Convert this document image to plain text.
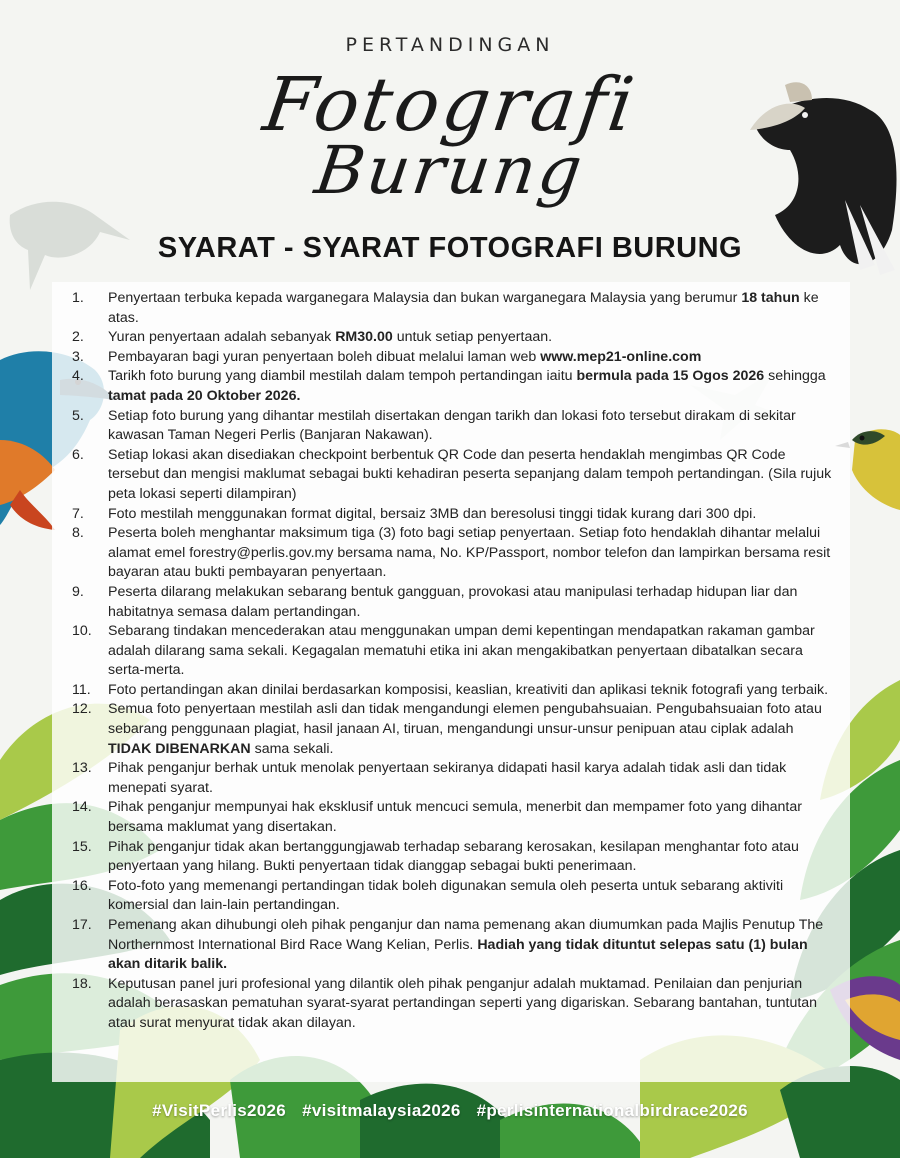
PERTANDINGAN
Fotografi
Burung
SYARAT - SYARAT FOTOGRAFI BURUNG
1.	Penyertaan terbuka kepada warganegara Malaysia dan bukan warganegara Malaysia yang berumur 18 tahun ke atas.
2.	Yuran penyertaan adalah sebanyak RM30.00 untuk setiap penyertaan.
3.	Pembayaran bagi yuran penyertaan boleh dibuat melalui laman web www.mep21-online.com
4.	Tarikh foto burung yang diambil mestilah dalam tempoh pertandingan iaitu bermula pada 15 Ogos 2026 sehingga tamat pada 20 Oktober 2026.
5.	Setiap foto burung yang dihantar mestilah disertakan dengan tarikh dan lokasi foto tersebut dirakam di sekitar kawasan Taman Negeri Perlis (Banjaran Nakawan).
6.	Setiap lokasi akan disediakan checkpoint berbentuk QR Code dan peserta hendaklah mengimbas QR Code tersebut dan mengisi maklumat sebagai bukti kehadiran peserta sepanjang dalam tempoh pertandingan. (Sila rujuk peta lokasi seperti dilampiran)
7.	Foto mestilah menggunakan format digital, bersaiz 3MB dan beresolusi tinggi tidak kurang dari 300 dpi.
8.	Peserta boleh menghantar maksimum tiga (3) foto bagi setiap penyertaan. Setiap foto hendaklah dihantar melalui alamat emel forestry@perlis.gov.my bersama nama, No. KP/Passport, nombor telefon dan lampirkan bersama resit bayaran atau bukti pembayaran penyertaan.
9.	Peserta dilarang melakukan sebarang bentuk gangguan, provokasi atau manipulasi terhadap hidupan liar dan habitatnya semasa dalam pertandingan.
10.	Sebarang tindakan mencederakan atau menggunakan umpan demi kepentingan mendapatkan rakaman gambar adalah dilarang sama sekali. Kegagalan mematuhi etika ini akan mengakibatkan penyertaan dibatalkan secara serta-merta.
11.	Foto pertandingan akan dinilai berdasarkan komposisi, keaslian, kreativiti dan aplikasi teknik fotografi yang terbaik.
12.	Semua foto penyertaan mestilah asli dan tidak mengandungi elemen pengubahsuaian. Pengubahsuaian foto atau sebarang penggunaan plagiat, hasil janaan AI, tiruan, mengandungi unsur-unsur penipuan atau ciplak adalah TIDAK DIBENARKAN sama sekali.
13.	Pihak penganjur berhak untuk menolak penyertaan sekiranya didapati hasil karya adalah tidak asli dan tidak menepati syarat.
14.	Pihak penganjur mempunyai hak eksklusif untuk mencuci semula, menerbit dan mempamer foto yang dihantar bersama maklumat yang disertakan.
15.	Pihak penganjur tidak akan bertanggungjawab terhadap sebarang kerosakan, kesilapan menghantar foto atau penyertaan yang hilang. Bukti penyertaan tidak dianggap sebagai bukti penerimaan.
16.	Foto-foto yang memenangi pertandingan tidak boleh digunakan semula oleh peserta untuk sebarang aktiviti komersial dan lain-lain pertandingan.
17.	Pemenang akan dihubungi oleh pihak penganjur dan nama pemenang akan diumumkan pada Majlis Penutup The Northernmost International Bird Race Wang Kelian, Perlis. Hadiah yang tidak dituntut selepas satu (1) bulan akan ditarik balik.
18.	Keputusan panel juri profesional yang dilantik oleh pihak penganjur adalah muktamad. Penilaian dan penjurian adalah berasaskan pematuhan syarat-syarat pertandingan seperti yang digariskan. Sebarang bantahan, tuntutan atau surat menyurat tidak akan dilayan.
#VisitPerlis2026 #visitmalaysia2026 #perlisinternationalbirdrace2026
